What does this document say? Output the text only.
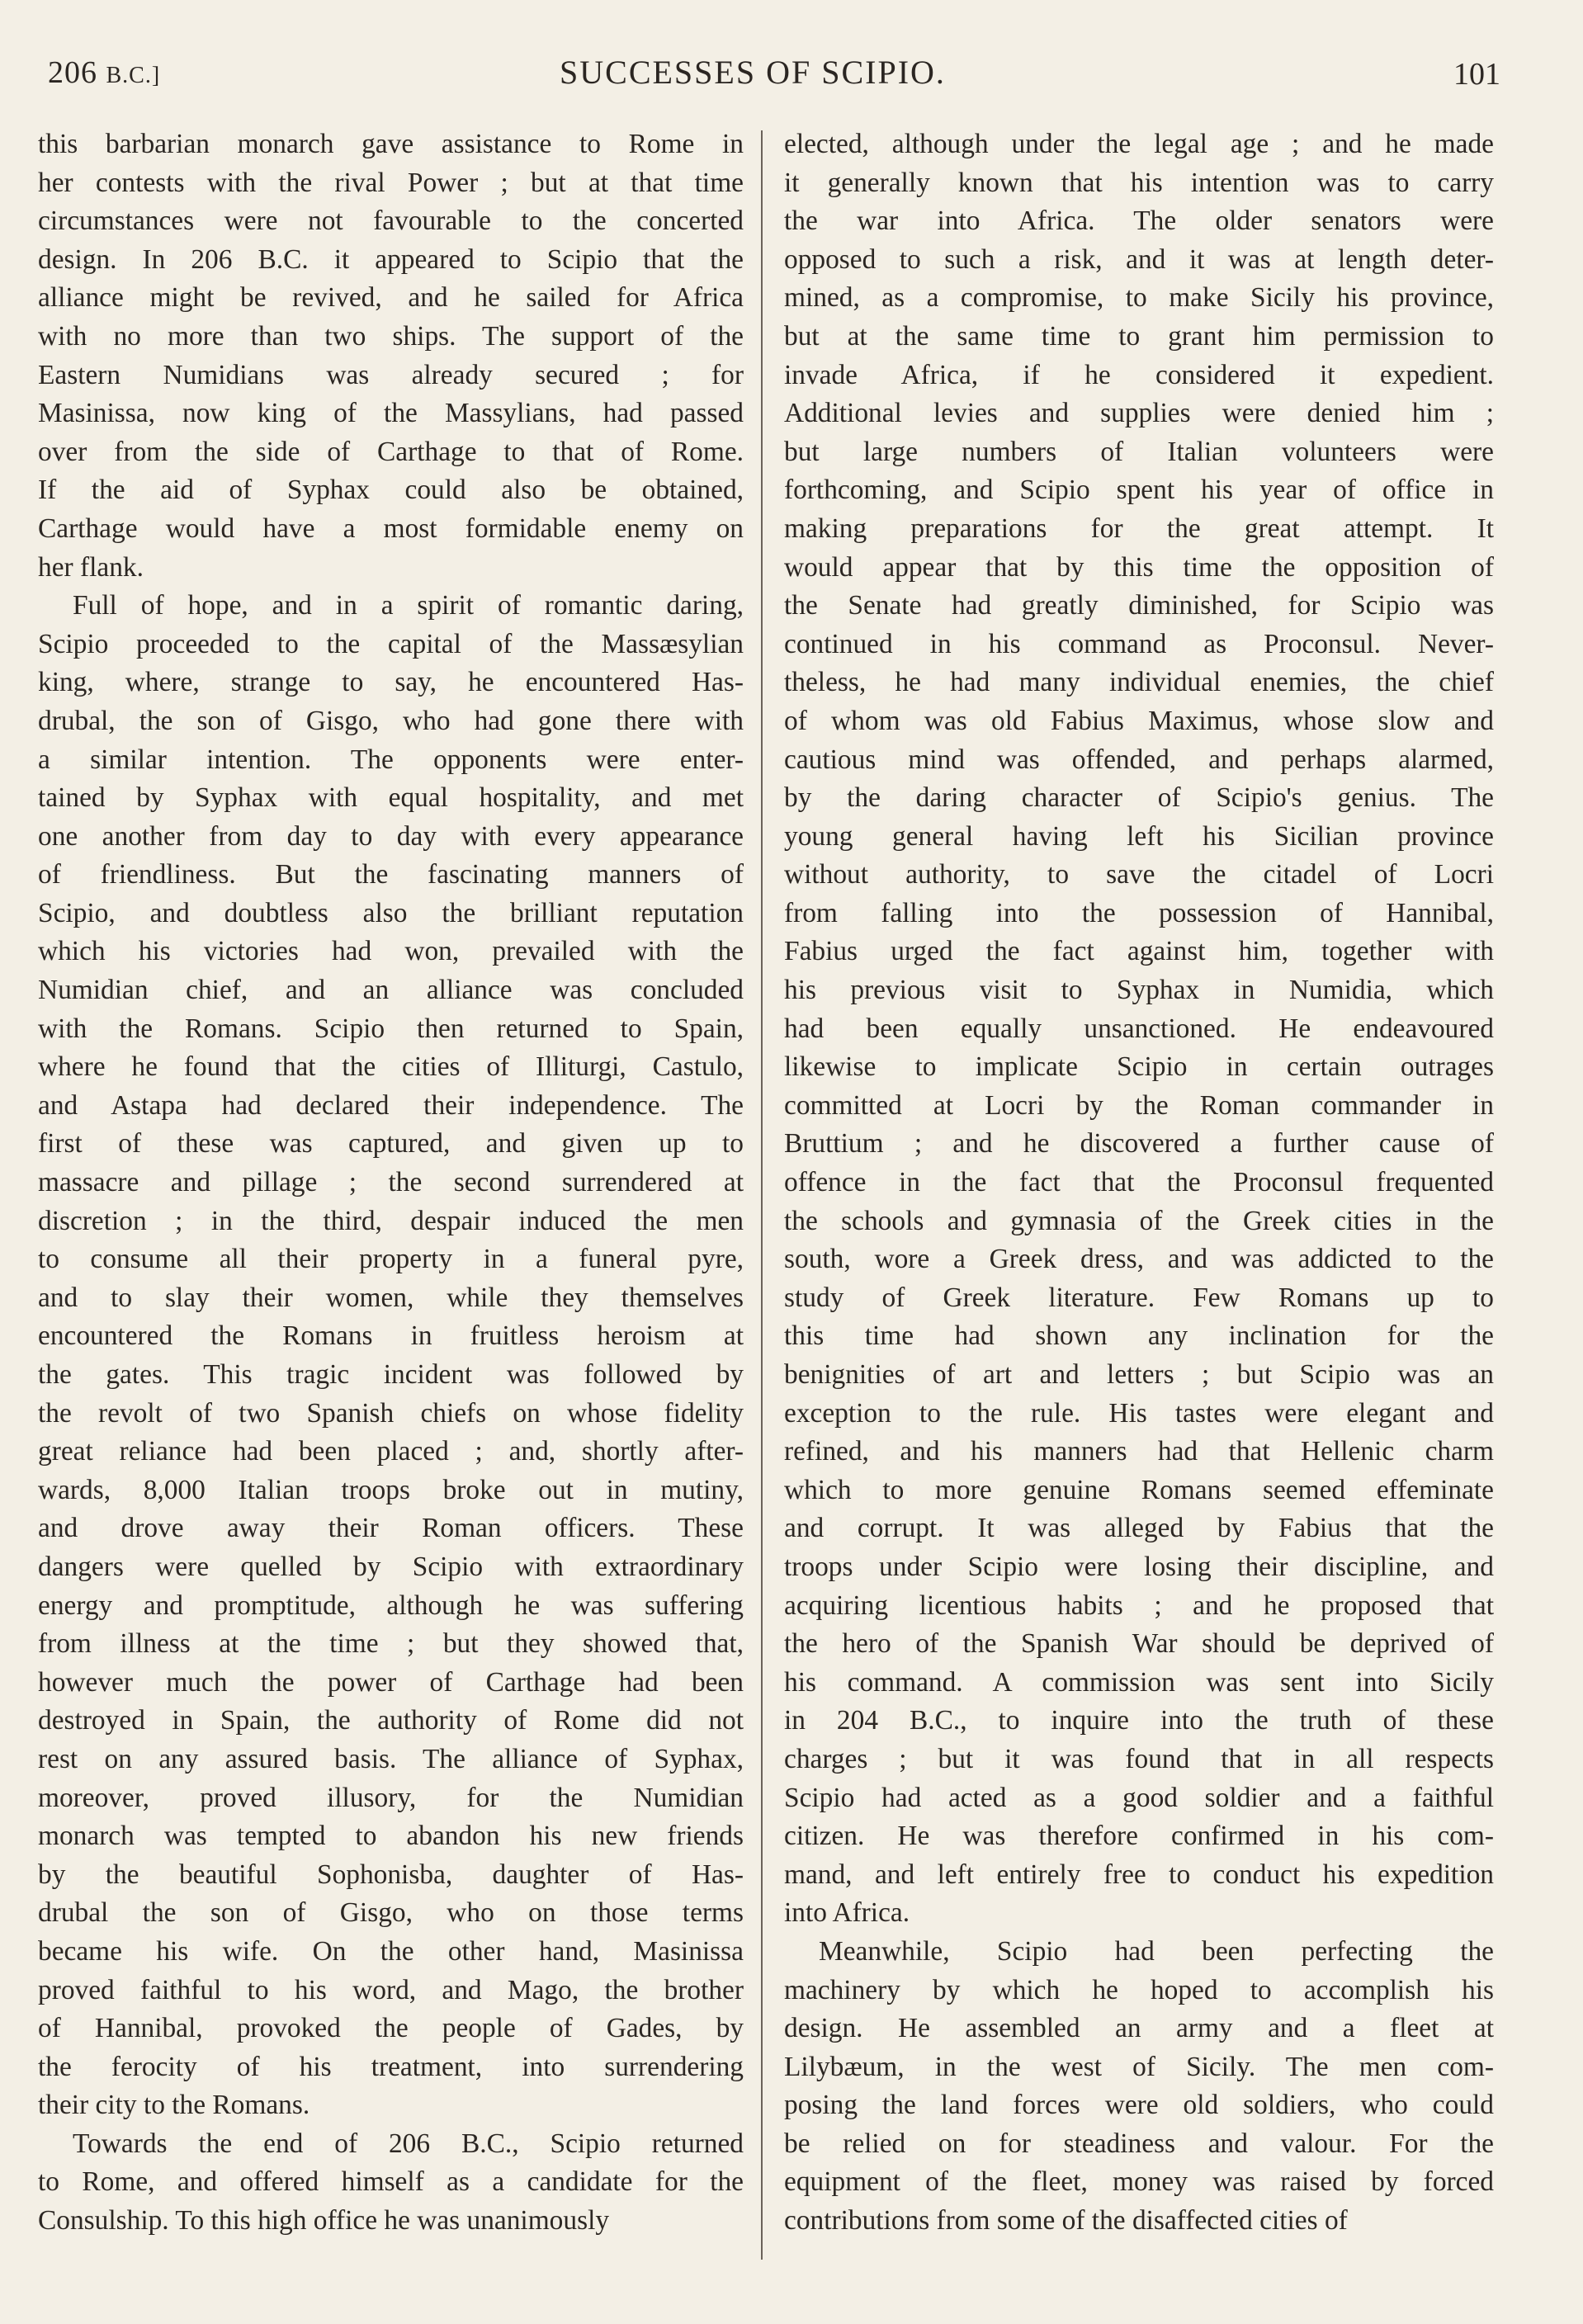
206 B.C.]	SUCCESSES OF SCIPIO.	101
this barbarian monarch gave assistance to Rome in
her contests with the rival Power ; but at that time
circumstances were not favourable to the concerted
design. In 206 B.C. it appeared to Scipio that the
alliance might be revived, and he sailed for Africa
with no more than two ships. The support of the
Eastern Numidians was already secured ; for
Masinissa, now king of the Massylians, had passed
over from the side of Carthage to that of Rome.
If the aid of Syphax could also be obtained,
Carthage would have a most formidable enemy on
her flank.
Full of hope, and in a spirit of romantic daring,
Scipio proceeded to the capital of the Massæsylian
king, where, strange to say, he encountered Has-
drubal, the son of Gisgo, who had gone there with
a similar intention. The opponents were enter-
tained by Syphax with equal hospitality, and met
one another from day to day with every appearance
of friendliness. But the fascinating manners of
Scipio, and doubtless also the brilliant reputation
which his victories had won, prevailed with the
Numidian chief, and an alliance was concluded
with the Romans. Scipio then returned to Spain,
where he found that the cities of Illiturgi, Castulo,
and Astapa had declared their independence. The
first of these was captured, and given up to
massacre and pillage ; the second surrendered at
discretion ; in the third, despair induced the men
to consume all their property in a funeral pyre,
and to slay their women, while they themselves
encountered the Romans in fruitless heroism at
the gates. This tragic incident was followed by
the revolt of two Spanish chiefs on whose fidelity
great reliance had been placed ; and, shortly after-
wards, 8,000 Italian troops broke out in mutiny,
and drove away their Roman officers. These
dangers were quelled by Scipio with extraordinary
energy and promptitude, although he was suffering
from illness at the time ; but they showed that,
however much the power of Carthage had been
destroyed in Spain, the authority of Rome did not
rest on any assured basis. The alliance of Syphax,
moreover, proved illusory, for the Numidian
monarch was tempted to abandon his new friends
by the beautiful Sophonisba, daughter of Has-
drubal the son of Gisgo, who on those terms
became his wife. On the other hand, Masinissa
proved faithful to his word, and Mago, the brother
of Hannibal, provoked the people of Gades, by
the ferocity of his treatment, into surrendering
their city to the Romans.
Towards the end of 206 B.C., Scipio returned
to Rome, and offered himself as a candidate for the
Consulship. To this high office he was unanimously
elected, although under the legal age ; and he made
it generally known that his intention was to carry
the war into Africa. The older senators were
opposed to such a risk, and it was at length deter-
mined, as a compromise, to make Sicily his province,
but at the same time to grant him permission to
invade Africa, if he considered it expedient.
Additional levies and supplies were denied him ;
but large numbers of Italian volunteers were
forthcoming, and Scipio spent his year of office in
making preparations for the great attempt. It
would appear that by this time the opposition of
the Senate had greatly diminished, for Scipio was
continued in his command as Proconsul. Never-
theless, he had many individual enemies, the chief
of whom was old Fabius Maximus, whose slow and
cautious mind was offended, and perhaps alarmed,
by the daring character of Scipio's genius. The
young general having left his Sicilian province
without authority, to save the citadel of Locri
from falling into the possession of Hannibal,
Fabius urged the fact against him, together with
his previous visit to Syphax in Numidia, which
had been equally unsanctioned. He endeavoured
likewise to implicate Scipio in certain outrages
committed at Locri by the Roman commander in
Bruttium ; and he discovered a further cause of
offence in the fact that the Proconsul frequented
the schools and gymnasia of the Greek cities in the
south, wore a Greek dress, and was addicted to the
study of Greek literature. Few Romans up to
this time had shown any inclination for the
benignities of art and letters ; but Scipio was an
exception to the rule. His tastes were elegant and
refined, and his manners had that Hellenic charm
which to more genuine Romans seemed effeminate
and corrupt. It was alleged by Fabius that the
troops under Scipio were losing their discipline, and
acquiring licentious habits ; and he proposed that
the hero of the Spanish War should be deprived of
his command. A commission was sent into Sicily
in 204 B.C., to inquire into the truth of these
charges ; but it was found that in all respects
Scipio had acted as a good soldier and a faithful
citizen. He was therefore confirmed in his com-
mand, and left entirely free to conduct his expedition
into Africa.
Meanwhile, Scipio had been perfecting the
machinery by which he hoped to accomplish his
design. He assembled an army and a fleet at
Lilybæum, in the west of Sicily. The men com-
posing the land forces were old soldiers, who could
be relied on for steadiness and valour. For the
equipment of the fleet, money was raised by forced
contributions from some of the disaffected cities of
